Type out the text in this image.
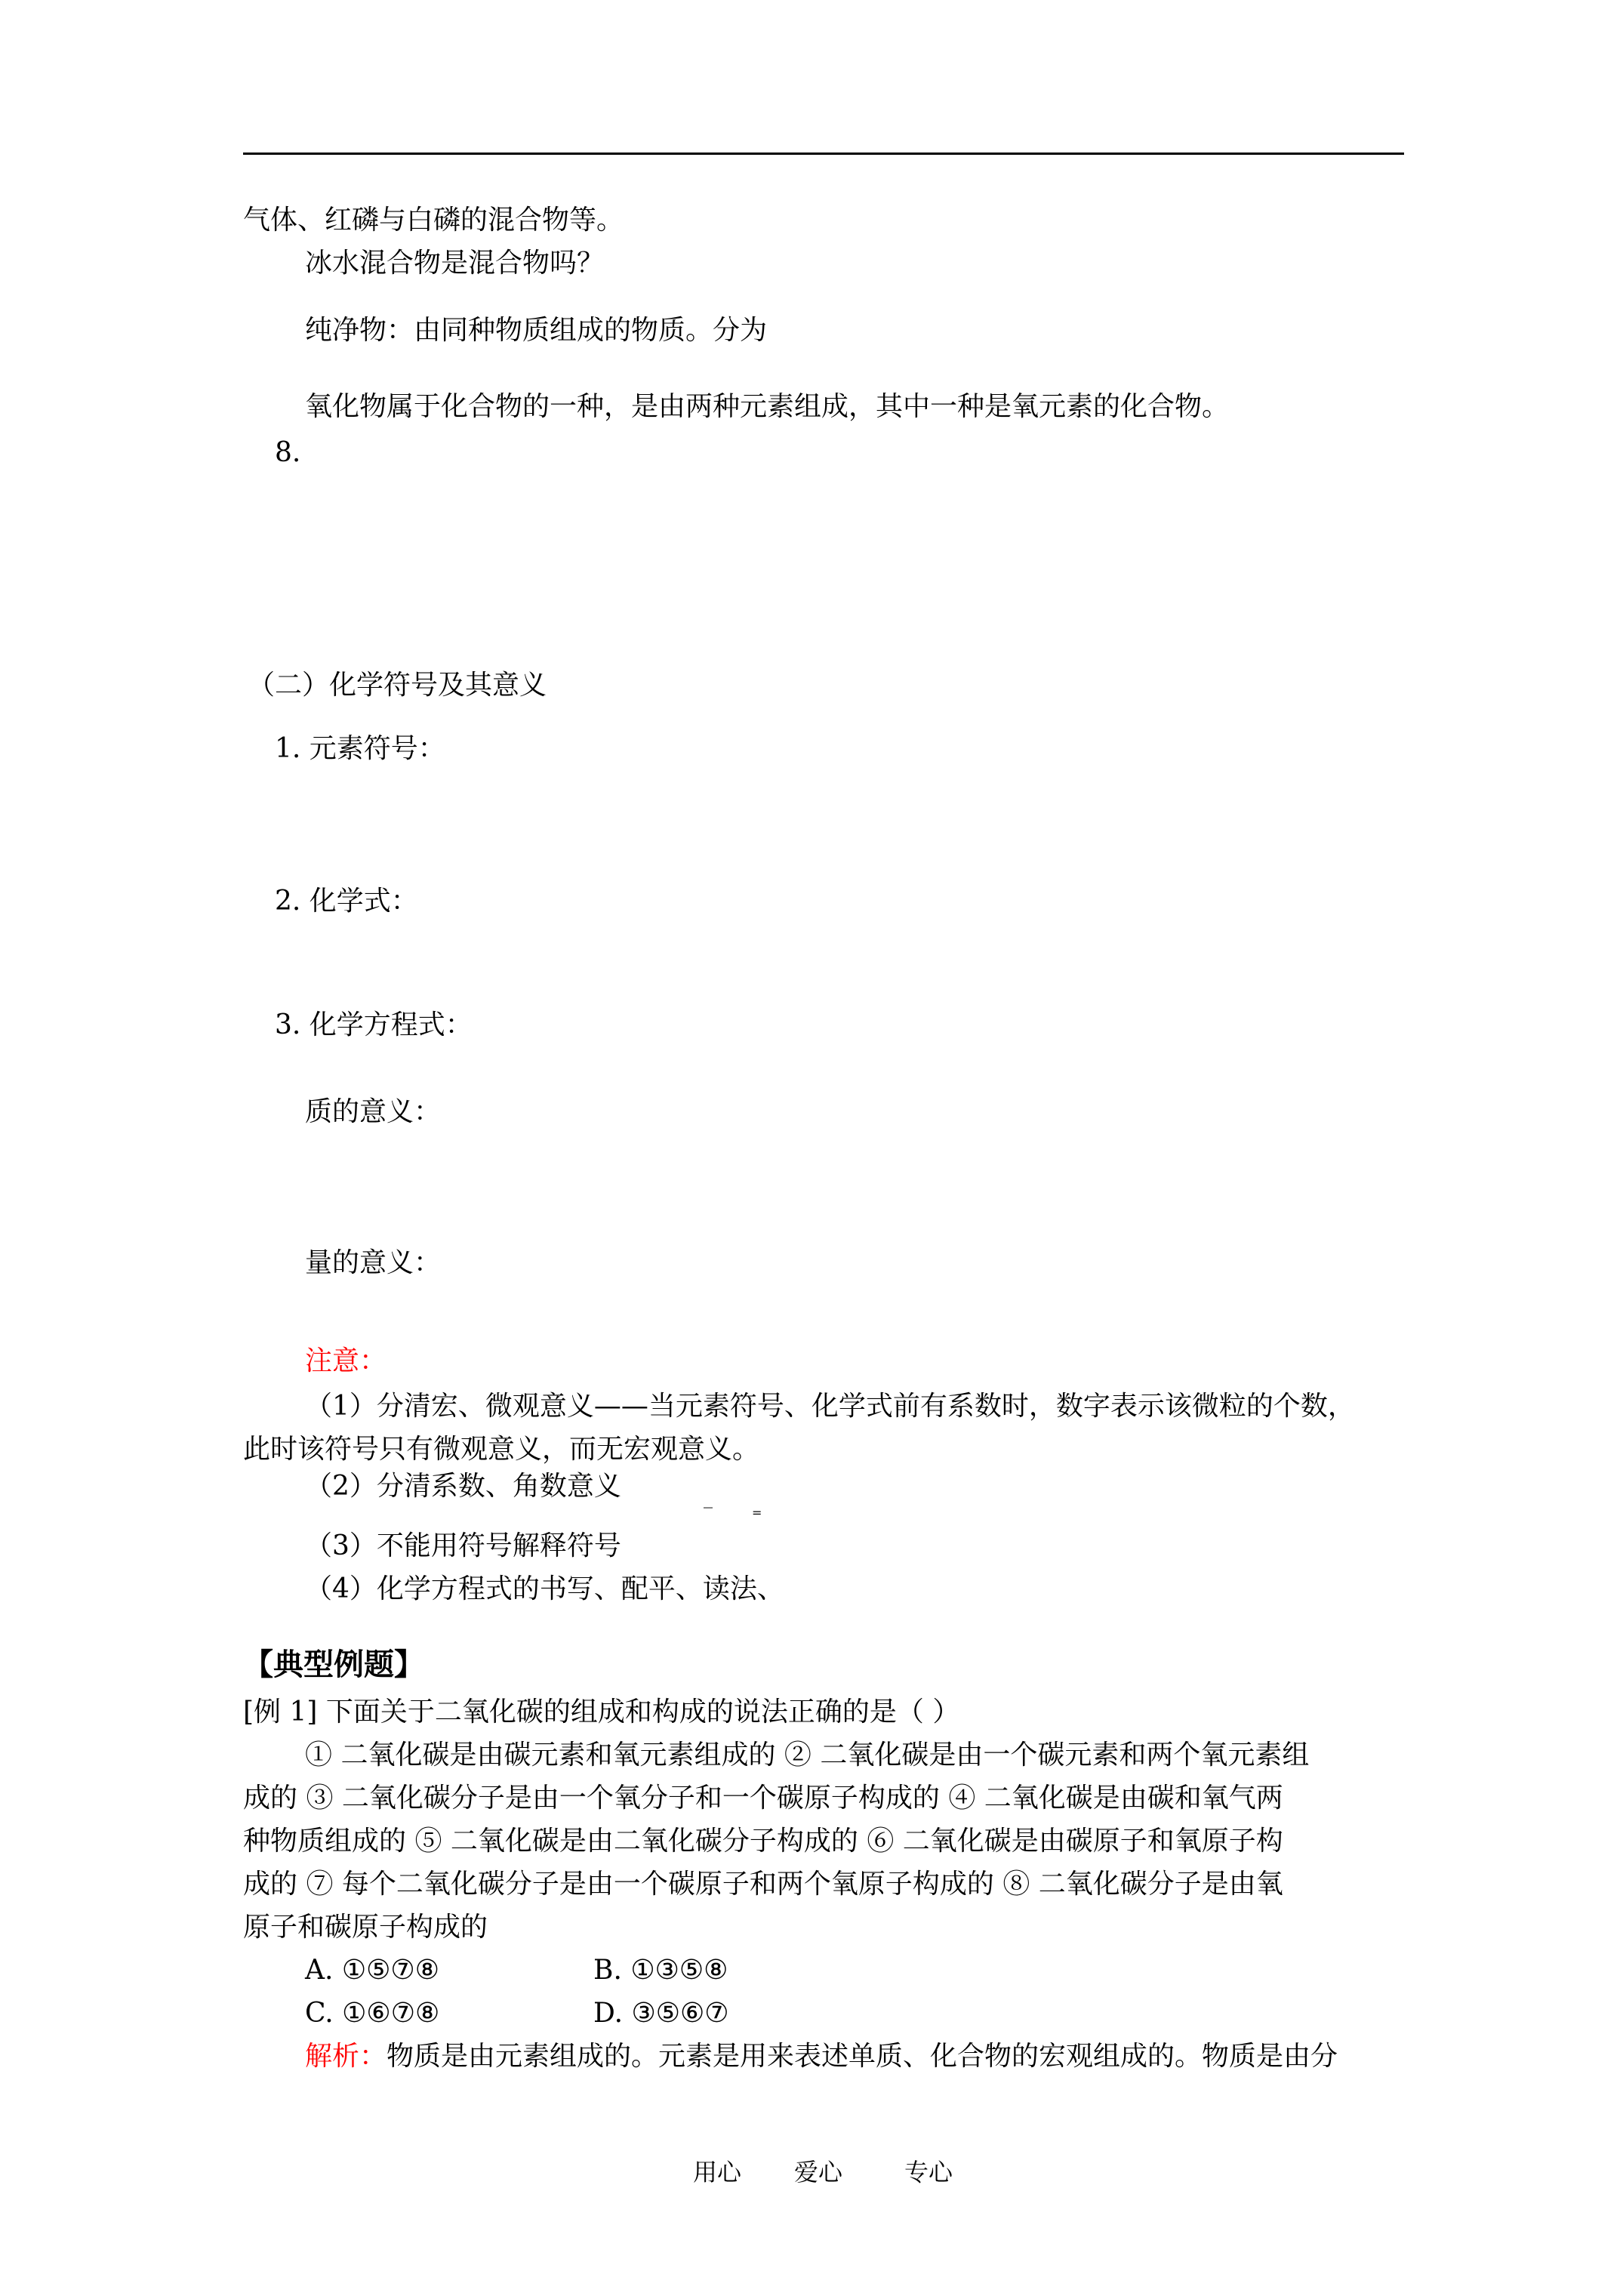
气体、红磷与白磷的混合物等。
冰水混合物是混合物吗？
纯净物：由同种物质组成的物质。分为
氧化物属于化合物的一种，是由两种元素组成，其中一种是氧元素的化合物。
8.
（二）化学符号及其意义
1. 元素符号：
2. 化学式：
3. 化学方程式：
质的意义：
量的意义：
注意：
（1）分清宏、微观意义——当元素符号、化学式前有系数时，数字表示该微粒的个数，
此时该符号只有微观意义，而无宏观意义。
（2）分清系数、角数意义	_
=
（3）不能用符号解释符号
（4）化学方程式的书写、配平、读法、
【典型例题】
[例 1] 下面关于二氧化碳的组成和构成的说法正确的是（ ）
① 二氧化碳是由碳元素和氧元素组成的 ② 二氧化碳是由一个碳元素和两个氧元素组
成的 ③ 二氧化碳分子是由一个氧分子和一个碳原子构成的 ④ 二氧化碳是由碳和氧气两
种物质组成的 ⑤ 二氧化碳是由二氧化碳分子构成的 ⑥ 二氧化碳是由碳原子和氧原子构
成的 ⑦ 每个二氧化碳分子是由一个碳原子和两个氧原子构成的 ⑧ 二氧化碳分子是由氧
原子和碳原子构成的
A. ①⑤⑦⑧	B. ①③⑤⑧
C. ①⑥⑦⑧	D. ③⑤⑥⑦
解析：物质是由元素组成的。元素是用来表述单质、化合物的宏观组成的。物质是由分
用心 爱心	专心
